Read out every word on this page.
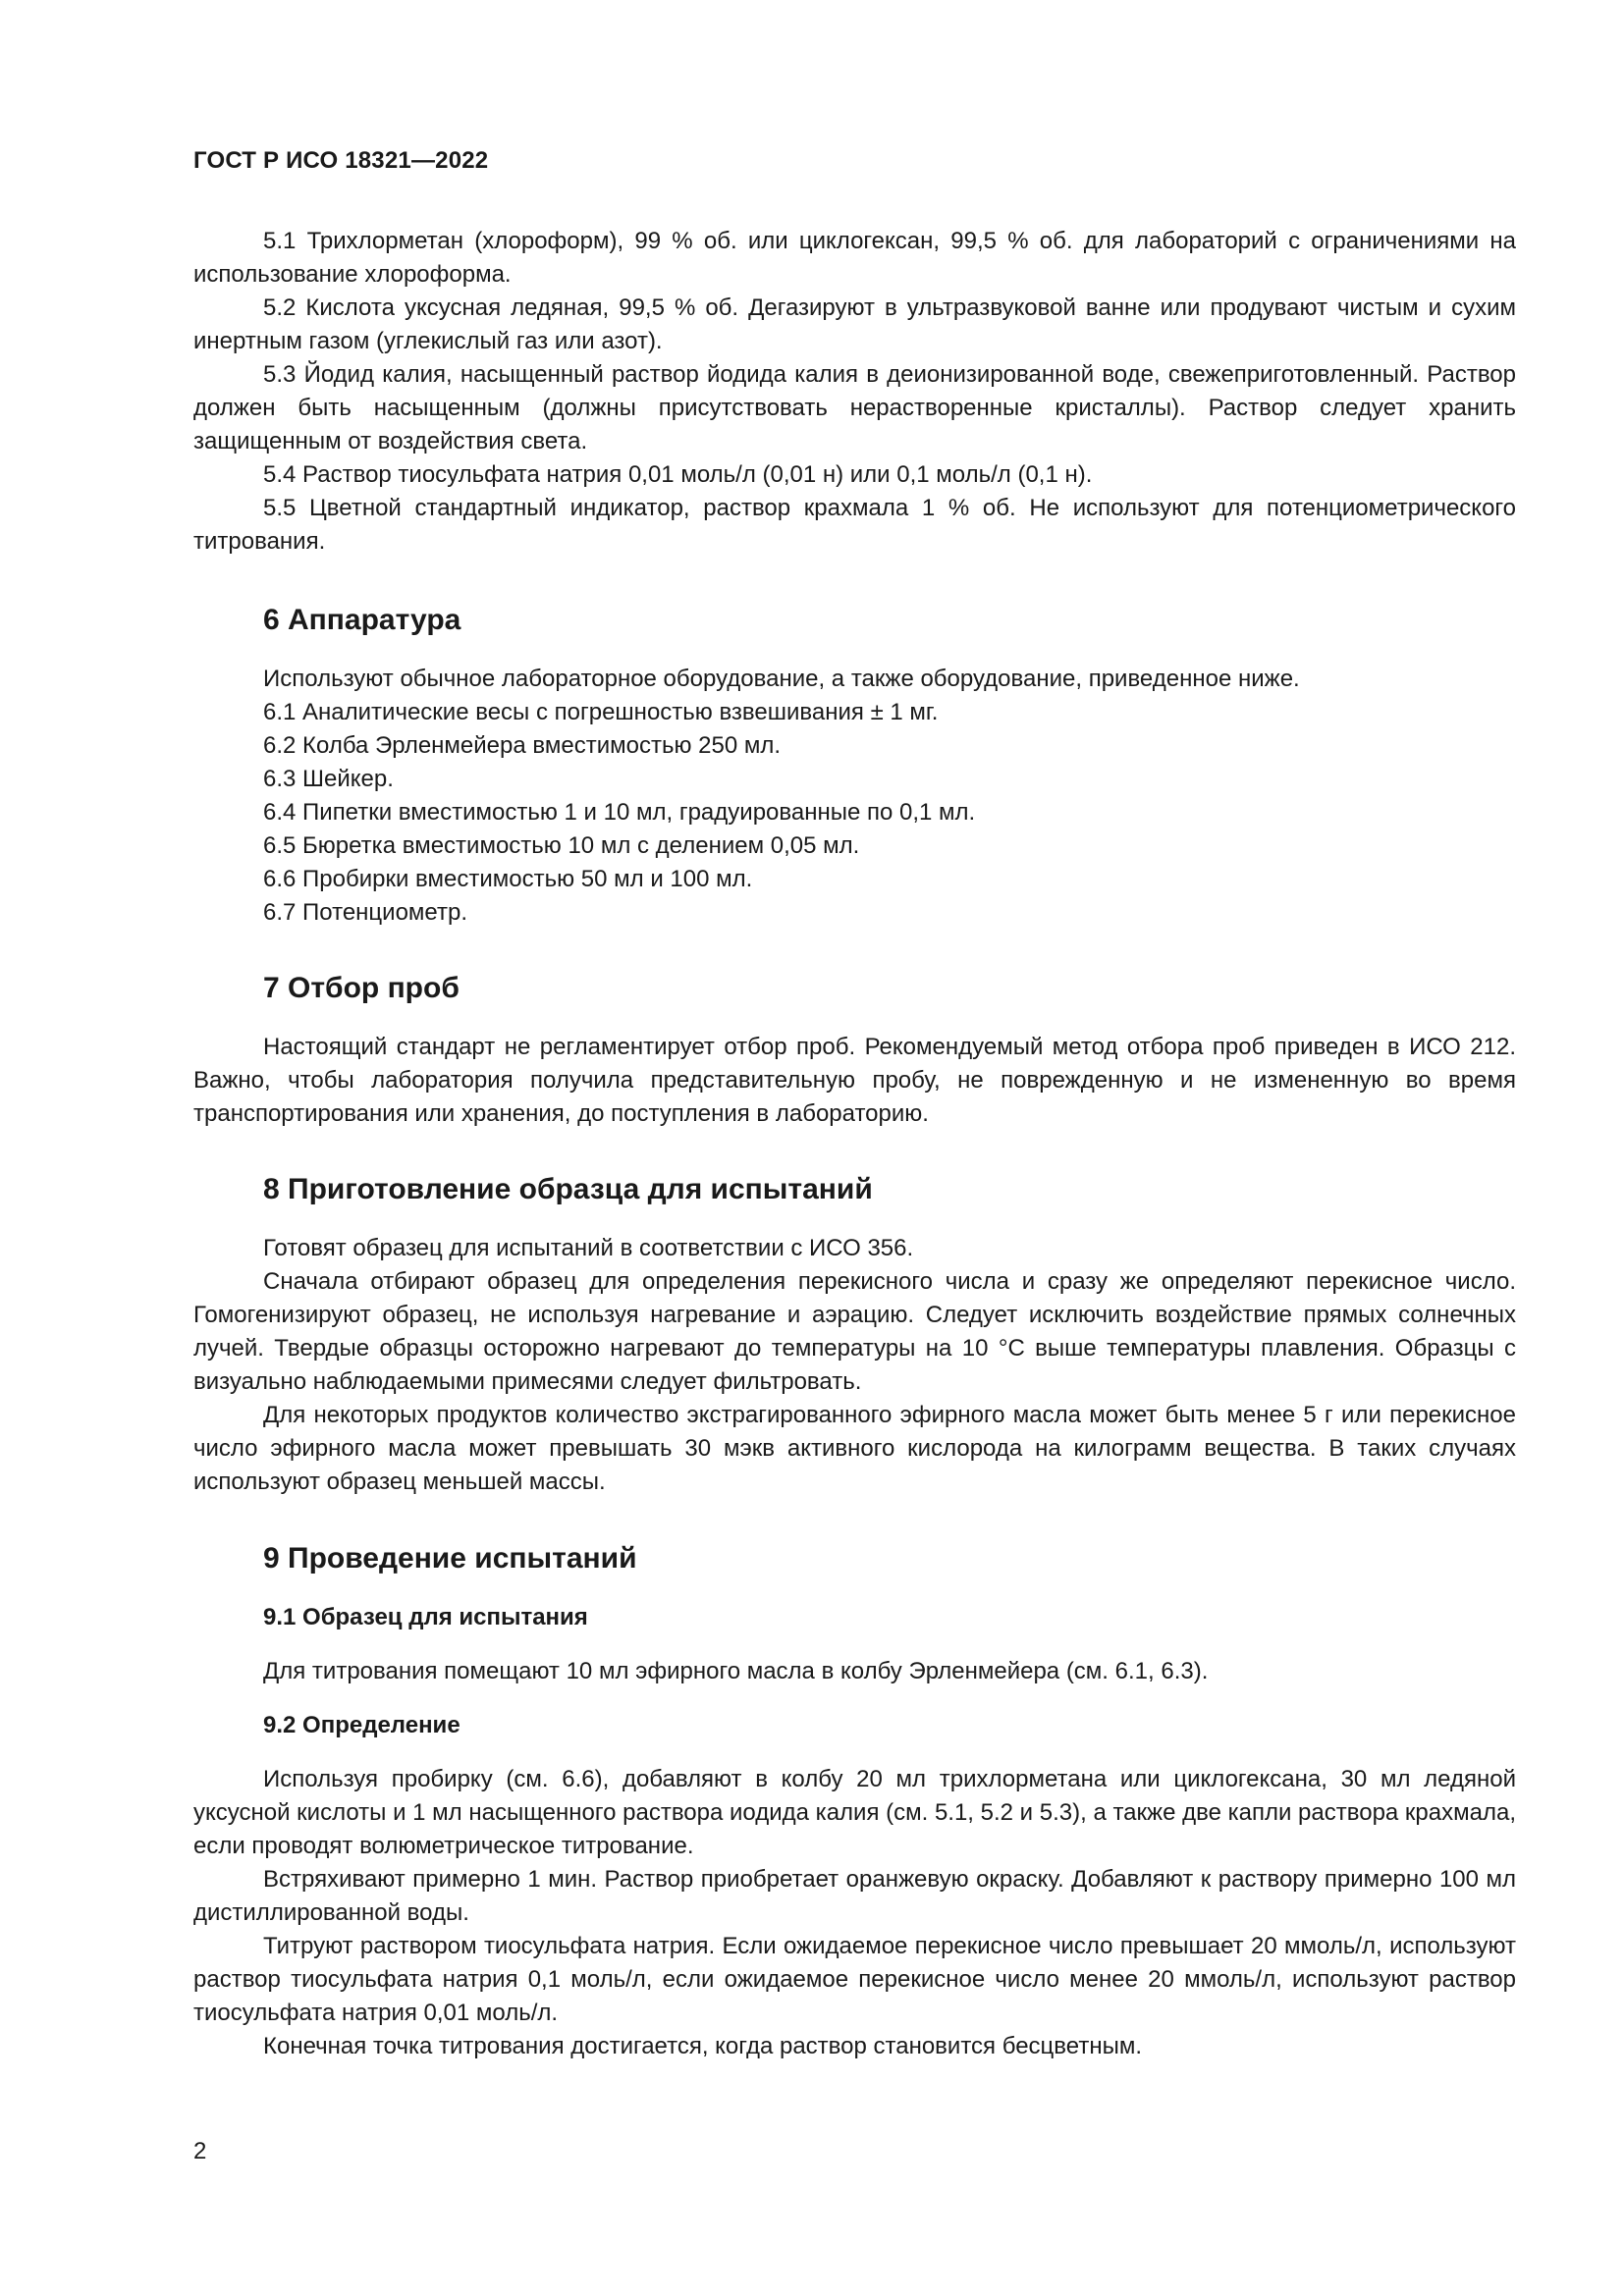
ГОСТ Р ИСО 18321—2022

5.1 Трихлорметан (хлороформ), 99 % об. или циклогексан, 99,5 % об. для лабораторий с ограничениями на использование хлороформа.

5.2 Кислота уксусная ледяная, 99,5 % об. Дегазируют в ультразвуковой ванне или продувают чистым и сухим инертным газом (углекислый газ или азот).

5.3 Йодид калия, насыщенный раствор йодида калия в деионизированной воде, свежеприготовленный. Раствор должен быть насыщенным (должны присутствовать нерастворенные кристаллы). Раствор следует хранить защищенным от воздействия света.

5.4 Раствор тиосульфата натрия 0,01 моль/л (0,01 н) или 0,1 моль/л (0,1 н).

5.5 Цветной стандартный индикатор, раствор крахмала 1 % об. Не используют для потенциометрического титрования.

6 Аппаратура

Используют обычное лабораторное оборудование, а также оборудование, приведенное ниже.

6.1 Аналитические весы с погрешностью взвешивания ± 1 мг.

6.2 Колба Эрленмейера вместимостью 250 мл.

6.3 Шейкер.

6.4 Пипетки вместимостью 1 и 10 мл, градуированные по 0,1 мл.

6.5 Бюретка вместимостью 10 мл с делением 0,05 мл.

6.6 Пробирки вместимостью 50 мл и 100 мл.

6.7 Потенциометр.

7 Отбор проб

Настоящий стандарт не регламентирует отбор проб. Рекомендуемый метод отбора проб приведен в ИСО 212. Важно, чтобы лаборатория получила представительную пробу, не поврежденную и не измененную во время транспортирования или хранения, до поступления в лабораторию.

8 Приготовление образца для испытаний

Готовят образец для испытаний в соответствии с ИСО 356.

Сначала отбирают образец для определения перекисного числа и сразу же определяют перекисное число. Гомогенизируют образец, не используя нагревание и аэрацию. Следует исключить воздействие прямых солнечных лучей. Твердые образцы осторожно нагревают до температуры на 10 °C выше температуры плавления. Образцы с визуально наблюдаемыми примесями следует фильтровать.

Для некоторых продуктов количество экстрагированного эфирного масла может быть менее 5 г или перекисное число эфирного масла может превышать 30 мэкв активного кислорода на килограмм вещества. В таких случаях используют образец меньшей массы.

9 Проведение испытаний
9.1 Образец для испытания

Для титрования помещают 10 мл эфирного масла в колбу Эрленмейера (см. 6.1, 6.3).

9.2 Определение

Используя пробирку (см. 6.6), добавляют в колбу 20 мл трихлорметана или циклогексана, 30 мл ледяной уксусной кислоты и 1 мл насыщенного раствора иодида калия (см. 5.1, 5.2 и 5.3), а также две капли раствора крахмала, если проводят волюметрическое титрование.

Встряхивают примерно 1 мин. Раствор приобретает оранжевую окраску. Добавляют к раствору примерно 100 мл дистиллированной воды.

Титруют раствором тиосульфата натрия. Если ожидаемое перекисное число превышает 20 ммоль/л, используют раствор тиосульфата натрия 0,1 моль/л, если ожидаемое перекисное число менее 20 ммоль/л, используют раствор тиосульфата натрия 0,01 моль/л.

Конечная точка титрования достигается, когда раствор становится бесцветным.

2
